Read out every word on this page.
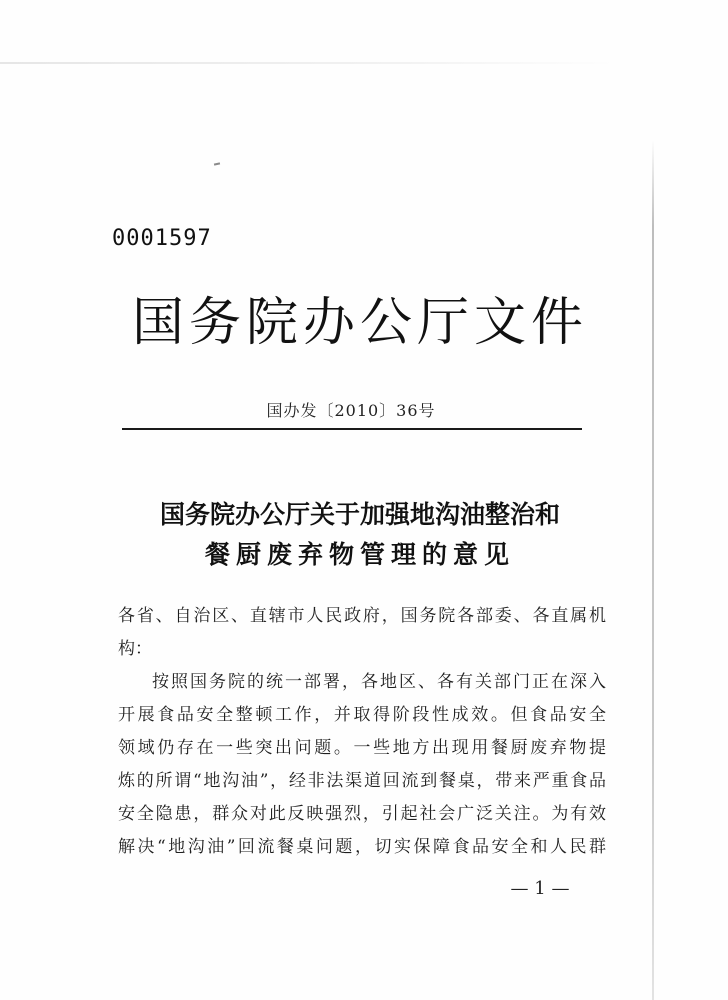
0001597
国务院办公厅文件
国办发〔2010〕36号
国务院办公厅关于加强地沟油整治和
餐厨废弃物管理的意见
各省、自治区、直辖市人民政府，国务院各部委、各直属机
构：
按照国务院的统一部署，各地区、各有关部门正在深入
开展食品安全整顿工作，并取得阶段性成效。但食品安全
领域仍存在一些突出问题。一些地方出现用餐厨废弃物提
炼的所谓“地沟油”，经非法渠道回流到餐桌，带来严重食品
安全隐患，群众对此反映强烈，引起社会广泛关注。为有效
解决“地沟油”回流餐桌问题，切实保障食品安全和人民群
— 1 —
